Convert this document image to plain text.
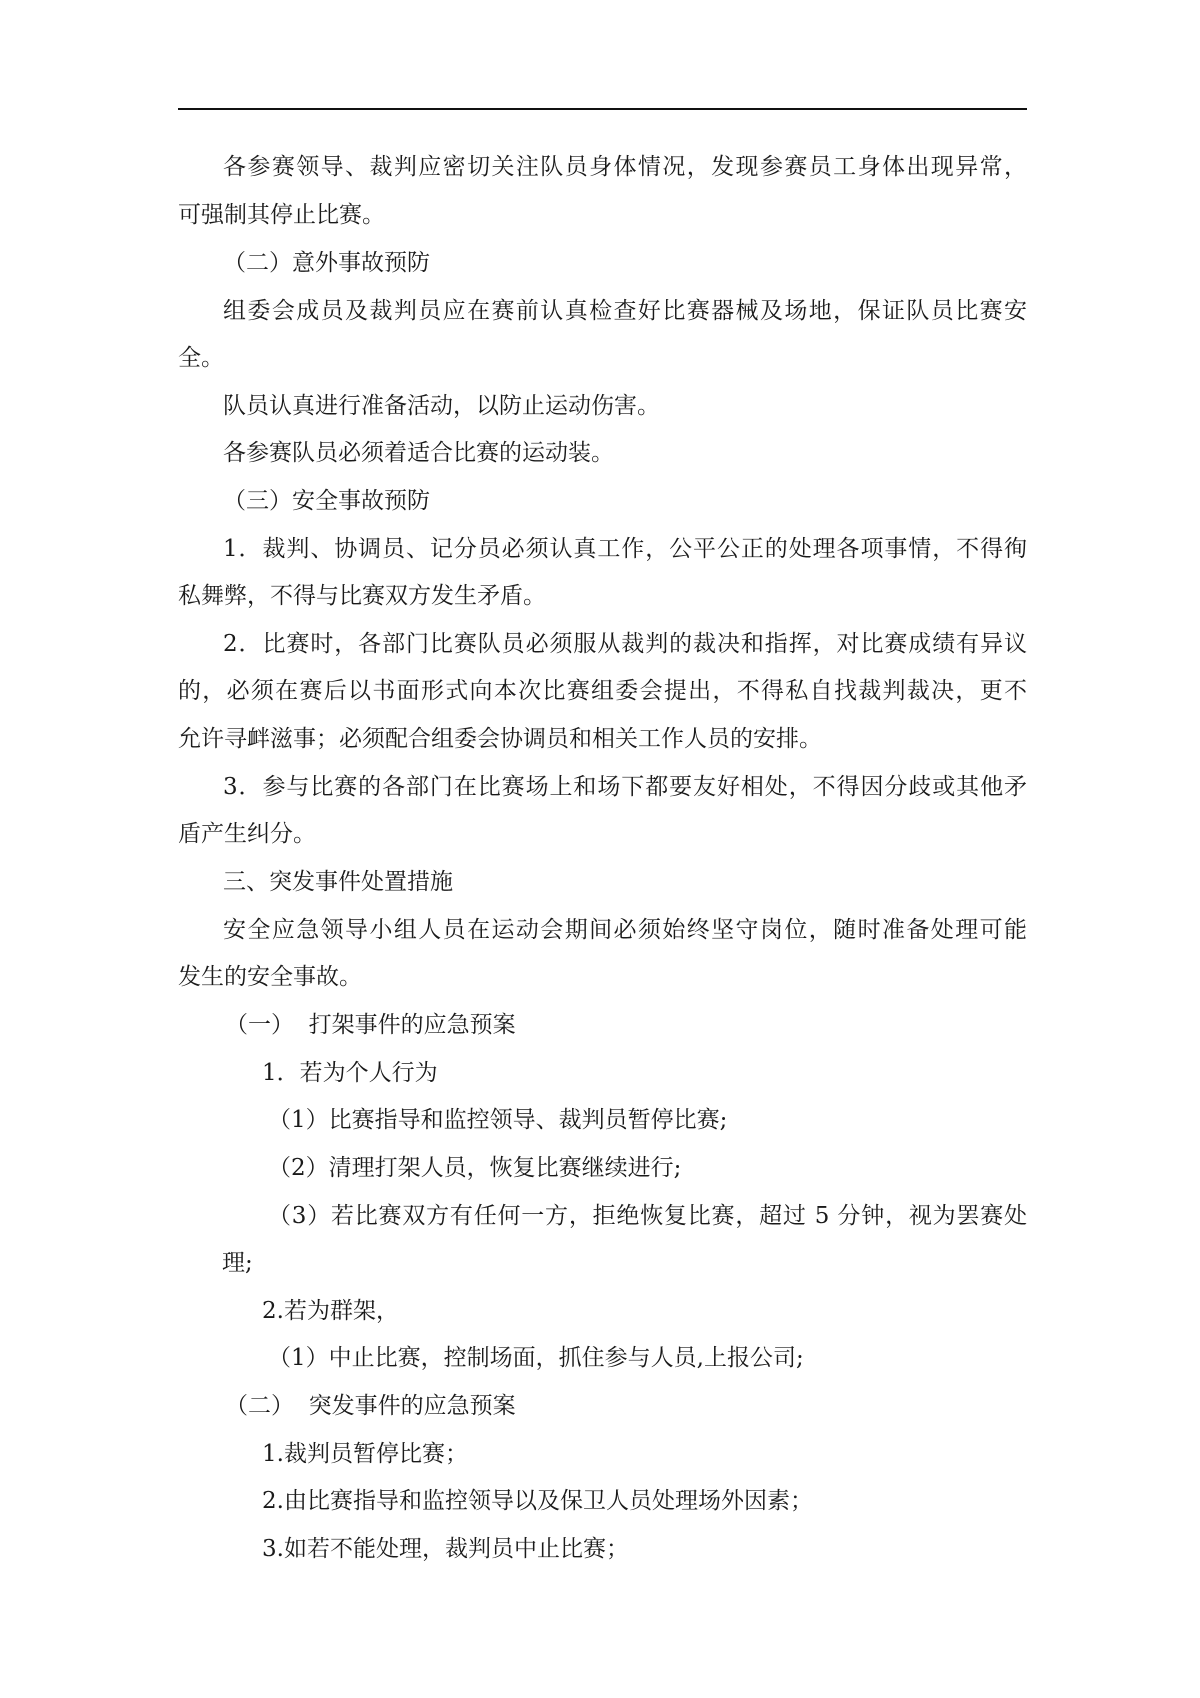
各参赛领导、裁判应密切关注队员身体情况，发现参赛员工身体出现异常，
可强制其停止比赛。
（二）意外事故预防
组委会成员及裁判员应在赛前认真检查好比赛器械及场地，保证队员比赛安
全。
队员认真进行准备活动，以防止运动伤害。
各参赛队员必须着适合比赛的运动装。
（三）安全事故预防
1．裁判、协调员、记分员必须认真工作，公平公正的处理各项事情，不得徇
私舞弊，不得与比赛双方发生矛盾。
2．比赛时，各部门比赛队员必须服从裁判的裁决和指挥，对比赛成绩有异议
的，必须在赛后以书面形式向本次比赛组委会提出，不得私自找裁判裁决，更不
允许寻衅滋事；必须配合组委会协调员和相关工作人员的安排。
3．参与比赛的各部门在比赛场上和场下都要友好相处，不得因分歧或其他矛
盾产生纠分。
三、突发事件处置措施
安全应急领导小组人员在运动会期间必须始终坚守岗位，随时准备处理可能
发生的安全事故。
（一）  打架事件的应急预案
1．若为个人行为
（1）比赛指导和监控领导、裁判员暂停比赛;
（2）清理打架人员，恢复比赛继续进行;
（3）若比赛双方有任何一方，拒绝恢复比赛，超过 5 分钟，视为罢赛处
理;
2.若为群架，
（1）中止比赛，控制场面，抓住参与人员,上报公司;
（二）  突发事件的应急预案
1.裁判员暂停比赛；
2.由比赛指导和监控领导以及保卫人员处理场外因素；
3.如若不能处理，裁判员中止比赛；
